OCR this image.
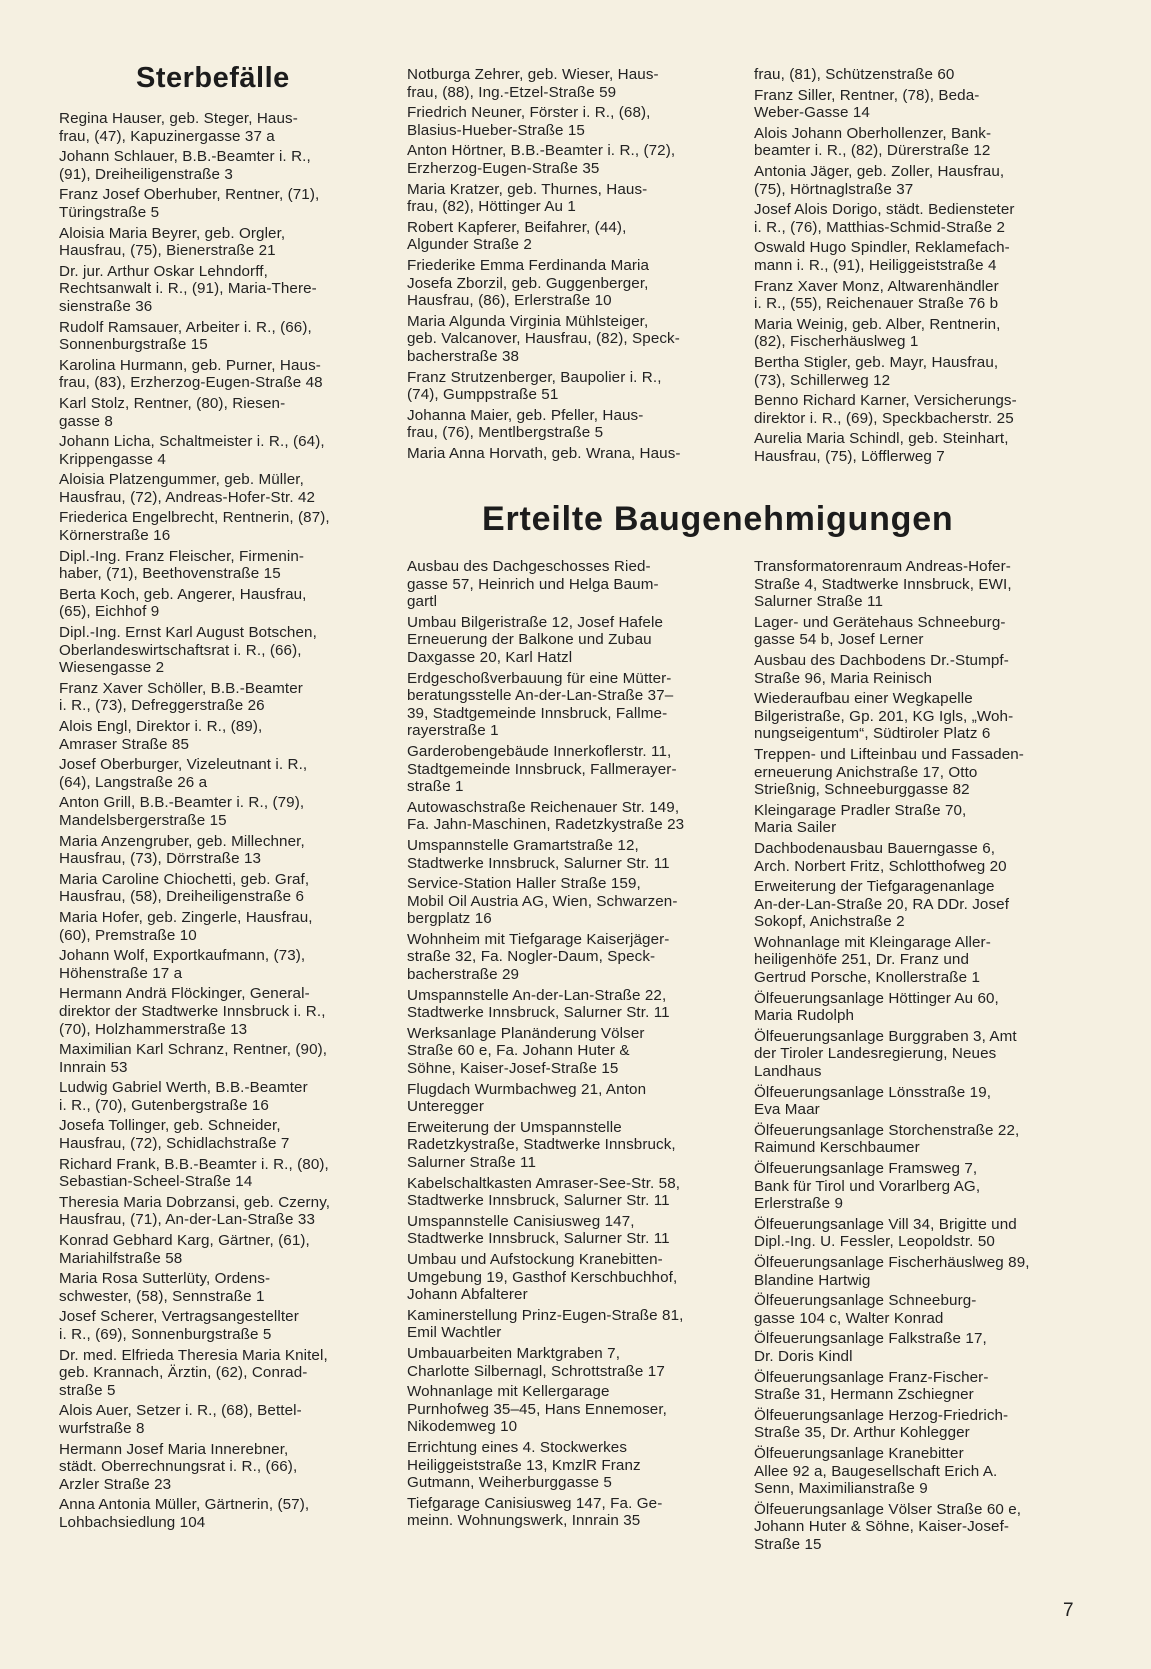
Sterbefälle

Regina Hauser, geb. Steger, Haus-
frau, (47), Kapuzinergasse 37 a

Johann Schlauer, B.B.-Beamter i. R.,
(91), Dreiheiligenstraße 3

Franz Josef Oberhuber, Rentner, (71),
Türingstraße 5

Aloisia Maria Beyrer, geb. Orgler,
Hausfrau, (75), Bienerstraße 21

Dr. jur. Arthur Oskar Lehndorff,
Rechtsanwalt i. R., (91), Maria-There-
sienstraße 36

Rudolf Ramsauer, Arbeiter i. R., (66),
Sonnenburgstraße 15

Karolina Hurmann, geb. Purner, Haus-
frau, (83), Erzherzog-Eugen-Straße 48

Karl Stolz, Rentner, (80), Riesen-
gasse 8

Johann Licha, Schaltmeister i. R., (64),
Krippengasse 4

Aloisia Platzengummer, geb. Müller,
Hausfrau, (72), Andreas-Hofer-Str. 42

Friederica Engelbrecht, Rentnerin, (87),
Körnerstraße 16

Dipl.-Ing. Franz Fleischer, Firmenin-
haber, (71), Beethovenstraße 15

Berta Koch, geb. Angerer, Hausfrau,
(65), Eichhof 9

Dipl.-Ing. Ernst Karl August Botschen,
Oberlandeswirtschaftsrat i. R., (66),
Wiesengasse 2

Franz Xaver Schöller, B.B.-Beamter
i. R., (73), Defreggerstraße 26

Alois Engl, Direktor i. R., (89),
Amraser Straße 85

Josef Oberburger, Vizeleutnant i. R.,
(64), Langstraße 26 a

Anton Grill, B.B.-Beamter i. R., (79),
Mandelsbergerstraße 15

Maria Anzengruber, geb. Millechner,
Hausfrau, (73), Dörrstraße 13

Maria Caroline Chiochetti, geb. Graf,
Hausfrau, (58), Dreiheiligenstraße 6

Maria Hofer, geb. Zingerle, Hausfrau,
(60), Premstraße 10

Johann Wolf, Exportkaufmann, (73),
Höhenstraße 17 a

Hermann Andrä Flöckinger, General-
direktor der Stadtwerke Innsbruck i. R.,
(70), Holzhammerstraße 13

Maximilian Karl Schranz, Rentner, (90),
Innrain 53

Ludwig Gabriel Werth, B.B.-Beamter
i. R., (70), Gutenbergstraße 16

Josefa Tollinger, geb. Schneider,
Hausfrau, (72), Schidlachstraße 7

Richard Frank, B.B.-Beamter i. R., (80),
Sebastian-Scheel-Straße 14

Theresia Maria Dobrzansi, geb. Czerny,
Hausfrau, (71), An-der-Lan-Straße 33

Konrad Gebhard Karg, Gärtner, (61),
Mariahilfstraße 58

Maria Rosa Sutterlüty, Ordens-
schwester, (58), Sennstraße 1

Josef Scherer, Vertragsangestellter
i. R., (69), Sonnenburgstraße 5

Dr. med. Elfrieda Theresia Maria Knitel,
geb. Krannach, Ärztin, (62), Conrad-
straße 5

Alois Auer, Setzer i. R., (68), Bettel-
wurfstraße 8

Hermann Josef Maria Innerebner,
städt. Oberrechnungsrat i. R., (66),
Arzler Straße 23

Anna Antonia Müller, Gärtnerin, (57),
Lohbachsiedlung 104

Notburga Zehrer, geb. Wieser, Haus-
frau, (88), Ing.-Etzel-Straße 59

Friedrich Neuner, Förster i. R., (68),
Blasius-Hueber-Straße 15

Anton Hörtner, B.B.-Beamter i. R., (72),
Erzherzog-Eugen-Straße 35

Maria Kratzer, geb. Thurnes, Haus-
frau, (82), Höttinger Au 1

Robert Kapferer, Beifahrer, (44),
Algunder Straße 2

Friederike Emma Ferdinanda Maria
Josefa Zborzil, geb. Guggenberger,
Hausfrau, (86), Erlerstraße 10

Maria Algunda Virginia Mühlsteiger,
geb. Valcanover, Hausfrau, (82), Speck-
bacherstraße 38

Franz Strutzenberger, Baupolier i. R.,
(74), Gumppstraße 51

Johanna Maier, geb. Pfeller, Haus-
frau, (76), Mentlbergstraße 5

Maria Anna Horvath, geb. Wrana, Haus-

frau, (81), Schützenstraße 60

Franz Siller, Rentner, (78), Beda-
Weber-Gasse 14

Alois Johann Oberhollenzer, Bank-
beamter i. R., (82), Dürerstraße 12

Antonia Jäger, geb. Zoller, Hausfrau,
(75), Hörtnaglstraße 37

Josef Alois Dorigo, städt. Bediensteter
i. R., (76), Matthias-Schmid-Straße 2

Oswald Hugo Spindler, Reklamefach-
mann i. R., (91), Heiliggeiststraße 4

Franz Xaver Monz, Altwarenhändler
i. R., (55), Reichenauer Straße 76 b

Maria Weinig, geb. Alber, Rentnerin,
(82), Fischerhäuslweg 1

Bertha Stigler, geb. Mayr, Hausfrau,
(73), Schillerweg 12

Benno Richard Karner, Versicherungs-
direktor i. R., (69), Speckbacherstr. 25

Aurelia Maria Schindl, geb. Steinhart,
Hausfrau, (75), Löfflerweg 7

Erteilte Baugenehmigungen

Ausbau des Dachgeschosses Ried-
gasse 57, Heinrich und Helga Baum-
gartl

Umbau Bilgeristraße 12, Josef Hafele
Erneuerung der Balkone und Zubau
Daxgasse 20, Karl Hatzl

Erdgeschoßverbauung für eine Mütter-
beratungsstelle An-der-Lan-Straße 37–
39, Stadtgemeinde Innsbruck, Fallme-
rayerstraße 1

Garderobengebäude Innerkoflerstr. 11,
Stadtgemeinde Innsbruck, Fallmerayer-
straße 1

Autowaschstraße Reichenauer Str. 149,
Fa. Jahn-Maschinen, Radetzkystraße 23

Umspannstelle Gramartstraße 12,
Stadtwerke Innsbruck, Salurner Str. 11

Service-Station Haller Straße 159,
Mobil Oil Austria AG, Wien, Schwarzen-
bergplatz 16

Wohnheim mit Tiefgarage Kaiserjäger-
straße 32, Fa. Nogler-Daum, Speck-
bacherstraße 29

Umspannstelle An-der-Lan-Straße 22,
Stadtwerke Innsbruck, Salurner Str. 11

Werksanlage Planänderung Völser
Straße 60 e, Fa. Johann Huter &
Söhne, Kaiser-Josef-Straße 15

Flugdach Wurmbachweg 21, Anton
Unteregger

Erweiterung der Umspannstelle
Radetzkystraße, Stadtwerke Innsbruck,
Salurner Straße 11

Kabelschaltkasten Amraser-See-Str. 58,
Stadtwerke Innsbruck, Salurner Str. 11

Umspannstelle Canisiusweg 147,
Stadtwerke Innsbruck, Salurner Str. 11

Umbau und Aufstockung Kranebitten-
Umgebung 19, Gasthof Kerschbuchhof,
Johann Abfalterer

Kaminerstellung Prinz-Eugen-Straße 81,
Emil Wachtler

Umbauarbeiten Marktgraben 7,
Charlotte Silbernagl, Schrottstraße 17

Wohnanlage mit Kellergarage
Purnhofweg 35–45, Hans Ennemoser,
Nikodemweg 10

Errichtung eines 4. Stockwerkes
Heiliggeiststraße 13, KmzlR Franz
Gutmann, Weiherburggasse 5

Tiefgarage Canisiusweg 147, Fa. Ge-
meinn. Wohnungswerk, Innrain 35

Transformatorenraum Andreas-Hofer-
Straße 4, Stadtwerke Innsbruck, EWI,
Salurner Straße 11

Lager- und Gerätehaus Schneeburg-
gasse 54 b, Josef Lerner

Ausbau des Dachbodens Dr.-Stumpf-
Straße 96, Maria Reinisch

Wiederaufbau einer Wegkapelle
Bilgeristraße, Gp. 201, KG Igls, „Woh-
nungseigentum“, Südtiroler Platz 6

Treppen- und Lifteinbau und Fassaden-
erneuerung Anichstraße 17, Otto
Strießnig, Schneeburggasse 82

Kleingarage Pradler Straße 70,
Maria Sailer

Dachbodenausbau Bauerngasse 6,
Arch. Norbert Fritz, Schlotthofweg 20

Erweiterung der Tiefgaragenanlage
An-der-Lan-Straße 20, RA DDr. Josef
Sokopf, Anichstraße 2

Wohnanlage mit Kleingarage Aller-
heiligenhöfe 251, Dr. Franz und
Gertrud Porsche, Knollerstraße 1

Ölfeuerungsanlage Höttinger Au 60,
Maria Rudolph

Ölfeuerungsanlage Burggraben 3, Amt
der Tiroler Landesregierung, Neues
Landhaus

Ölfeuerungsanlage Lönsstraße 19,
Eva Maar

Ölfeuerungsanlage Storchenstraße 22,
Raimund Kerschbaumer

Ölfeuerungsanlage Framsweg 7,
Bank für Tirol und Vorarlberg AG,
Erlerstraße 9

Ölfeuerungsanlage Vill 34, Brigitte und
Dipl.-Ing. U. Fessler, Leopoldstr. 50

Ölfeuerungsanlage Fischerhäuslweg 89,
Blandine Hartwig

Ölfeuerungsanlage Schneeburg-
gasse 104 c, Walter Konrad

Ölfeuerungsanlage Falkstraße 17,
Dr. Doris Kindl

Ölfeuerungsanlage Franz-Fischer-
Straße 31, Hermann Zschiegner

Ölfeuerungsanlage Herzog-Friedrich-
Straße 35, Dr. Arthur Kohlegger

Ölfeuerungsanlage Kranebitter
Allee 92 a, Baugesellschaft Erich A.
Senn, Maximilianstraße 9

Ölfeuerungsanlage Völser Straße 60 e,
Johann Huter & Söhne, Kaiser-Josef-
Straße 15

7
